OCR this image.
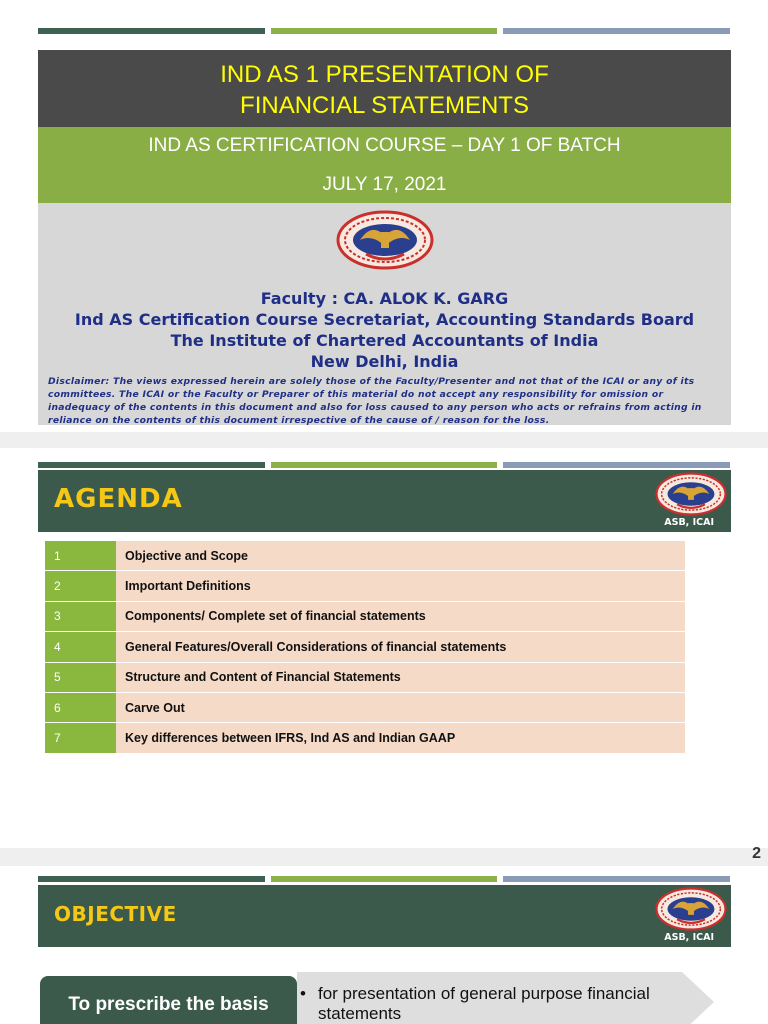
IND AS 1 PRESENTATION OF
FINANCIAL STATEMENTS
IND AS CERTIFICATION COURSE – DAY 1 OF BATCH
JULY 17, 2021
Faculty : CA. ALOK K. GARG
Ind AS Certification Course Secretariat, Accounting Standards Board
The Institute of Chartered Accountants of India
New Delhi, India
Disclaimer: The views expressed herein are solely those of the Faculty/Presenter and not that of the ICAI or any of its committees. The ICAI or the Faculty or Preparer of this material do not accept any responsibility for omission or inadequacy of the contents in this document and also for loss caused to any person who acts or refrains from acting in reliance on the contents of this document irrespective of the cause of / reason for the loss.
AGENDA
ASB, ICAI
1	Objective and Scope
2	Important Definitions
3	Components/ Complete set of financial statements
4	General Features/Overall Considerations of financial statements
5	Structure and Content of Financial Statements
6	Carve Out
7	Key differences between IFRS, Ind AS and Indian GAAP
2
OBJECTIVE
ASB, ICAI
To prescribe the basis
• for presentation of general purpose financial statements
